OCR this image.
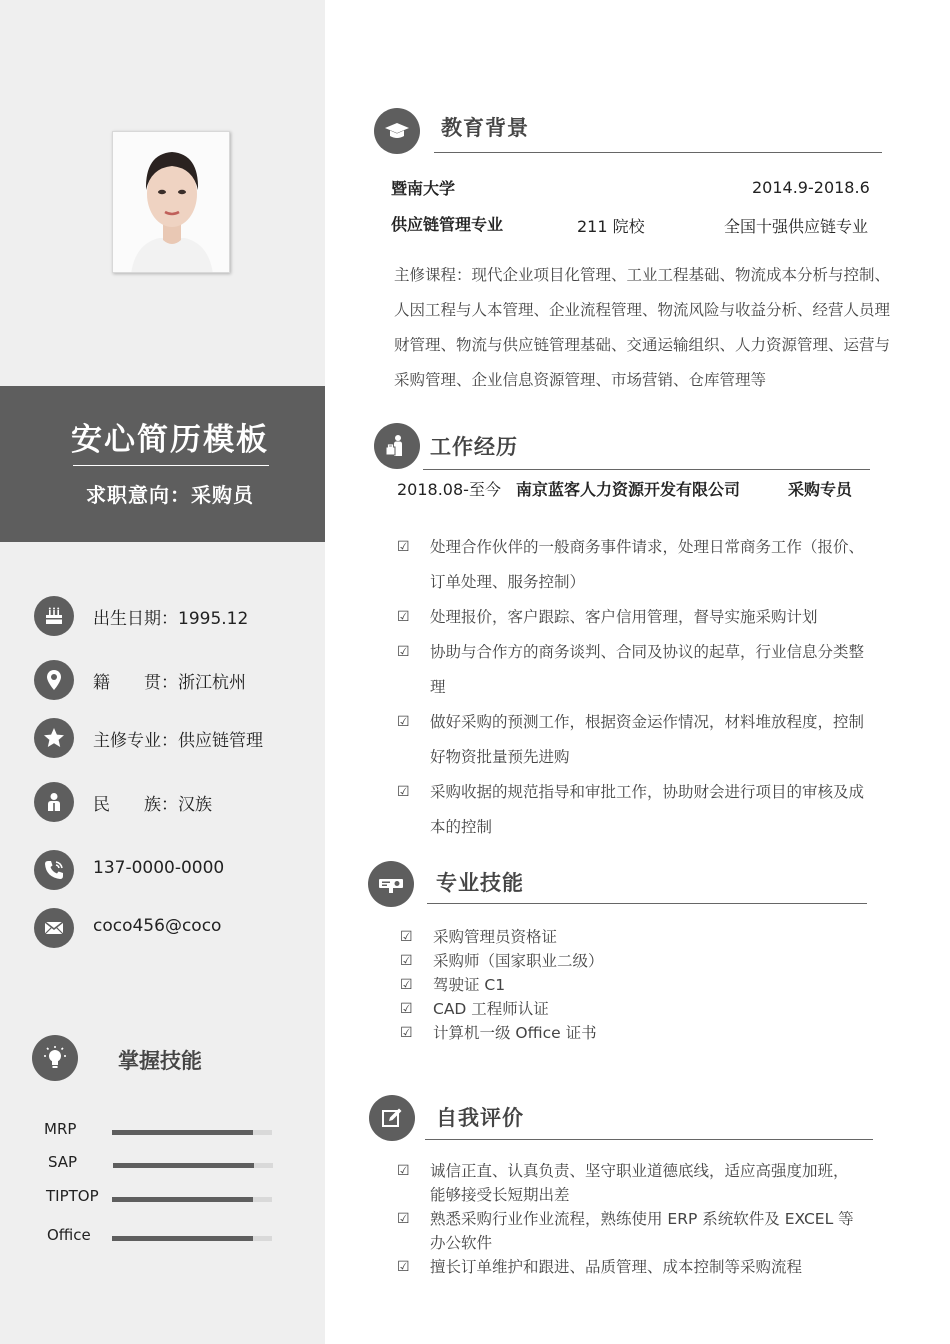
安心简历模板
求职意向：采购员
出生日期：1995.12
籍　　贯：浙江杭州
主修专业：供应链管理
民　　族：汉族
137-0000-0000
coco456@coco
掌握技能
MRP
SAP
TIPTOP
Office
教育背景
暨南大学	2014.9-2018.6
供应链管理专业	211 院校	全国十强供应链专业
主修课程：现代企业项目化管理、工业工程基础、物流成本分析与控制、人因工程与人本管理、企业流程管理、物流风险与收益分析、经营人员理财管理、物流与供应链管理基础、交通运输组织、人力资源管理、运营与采购管理、企业信息资源管理、市场营销、仓库管理等
工作经历
2018.08-至今 南京蓝客人力资源开发有限公司	采购专员
☑ 处理合作伙伴的一般商务事件请求，处理日常商务工作（报价、订单处理、服务控制）
☑ 处理报价，客户跟踪、客户信用管理，督导实施采购计划
☑ 协助与合作方的商务谈判、合同及协议的起草，行业信息分类整理
☑ 做好采购的预测工作，根据资金运作情况，材料堆放程度，控制好物资批量预先进购
☑ 采购收据的规范指导和审批工作，协助财会进行项目的审核及成本的控制
专业技能
☑ 采购管理员资格证
☑ 采购师（国家职业二级）
☑ 驾驶证 C1
☑ CAD 工程师认证
☑ 计算机一级 Office 证书
自我评价
☑ 诚信正直、认真负责、坚守职业道德底线，适应高强度加班，能够接受长短期出差
☑ 熟悉采购行业作业流程，熟练使用 ERP 系统软件及 EXCEL 等办公软件
☑ 擅长订单维护和跟进、品质管理、成本控制等采购流程
